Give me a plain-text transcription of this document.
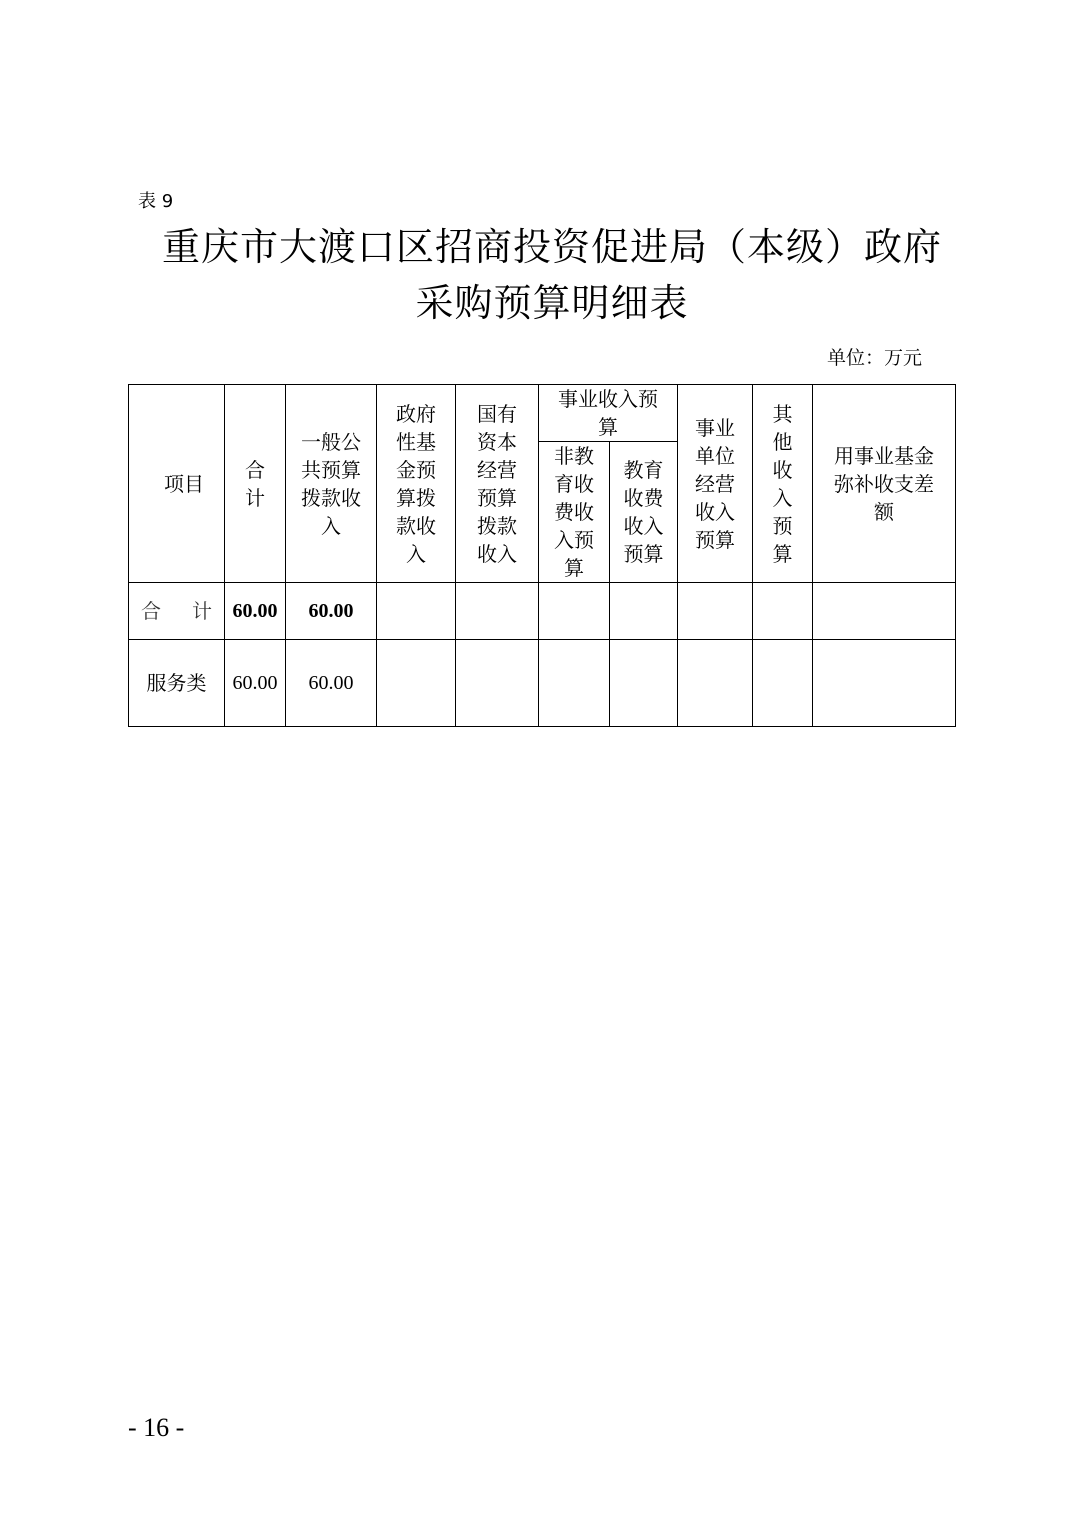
表 9
重庆市大渡口区招商投资促进局（本级）政府
采购预算明细表
单位：万元
项目	合计	一般公共预算拨款收入	政府性基金预算拨款收入	国有资本经营预算拨款收入	事业收入预算		事业单位经营收入预算	其他收入预算	用事业基金弥补收支差额

					非教育收费收入预算	教育收费收入预算			

合计	60.00	60.00							
服务类	60.00	60.00							
- 16 -
